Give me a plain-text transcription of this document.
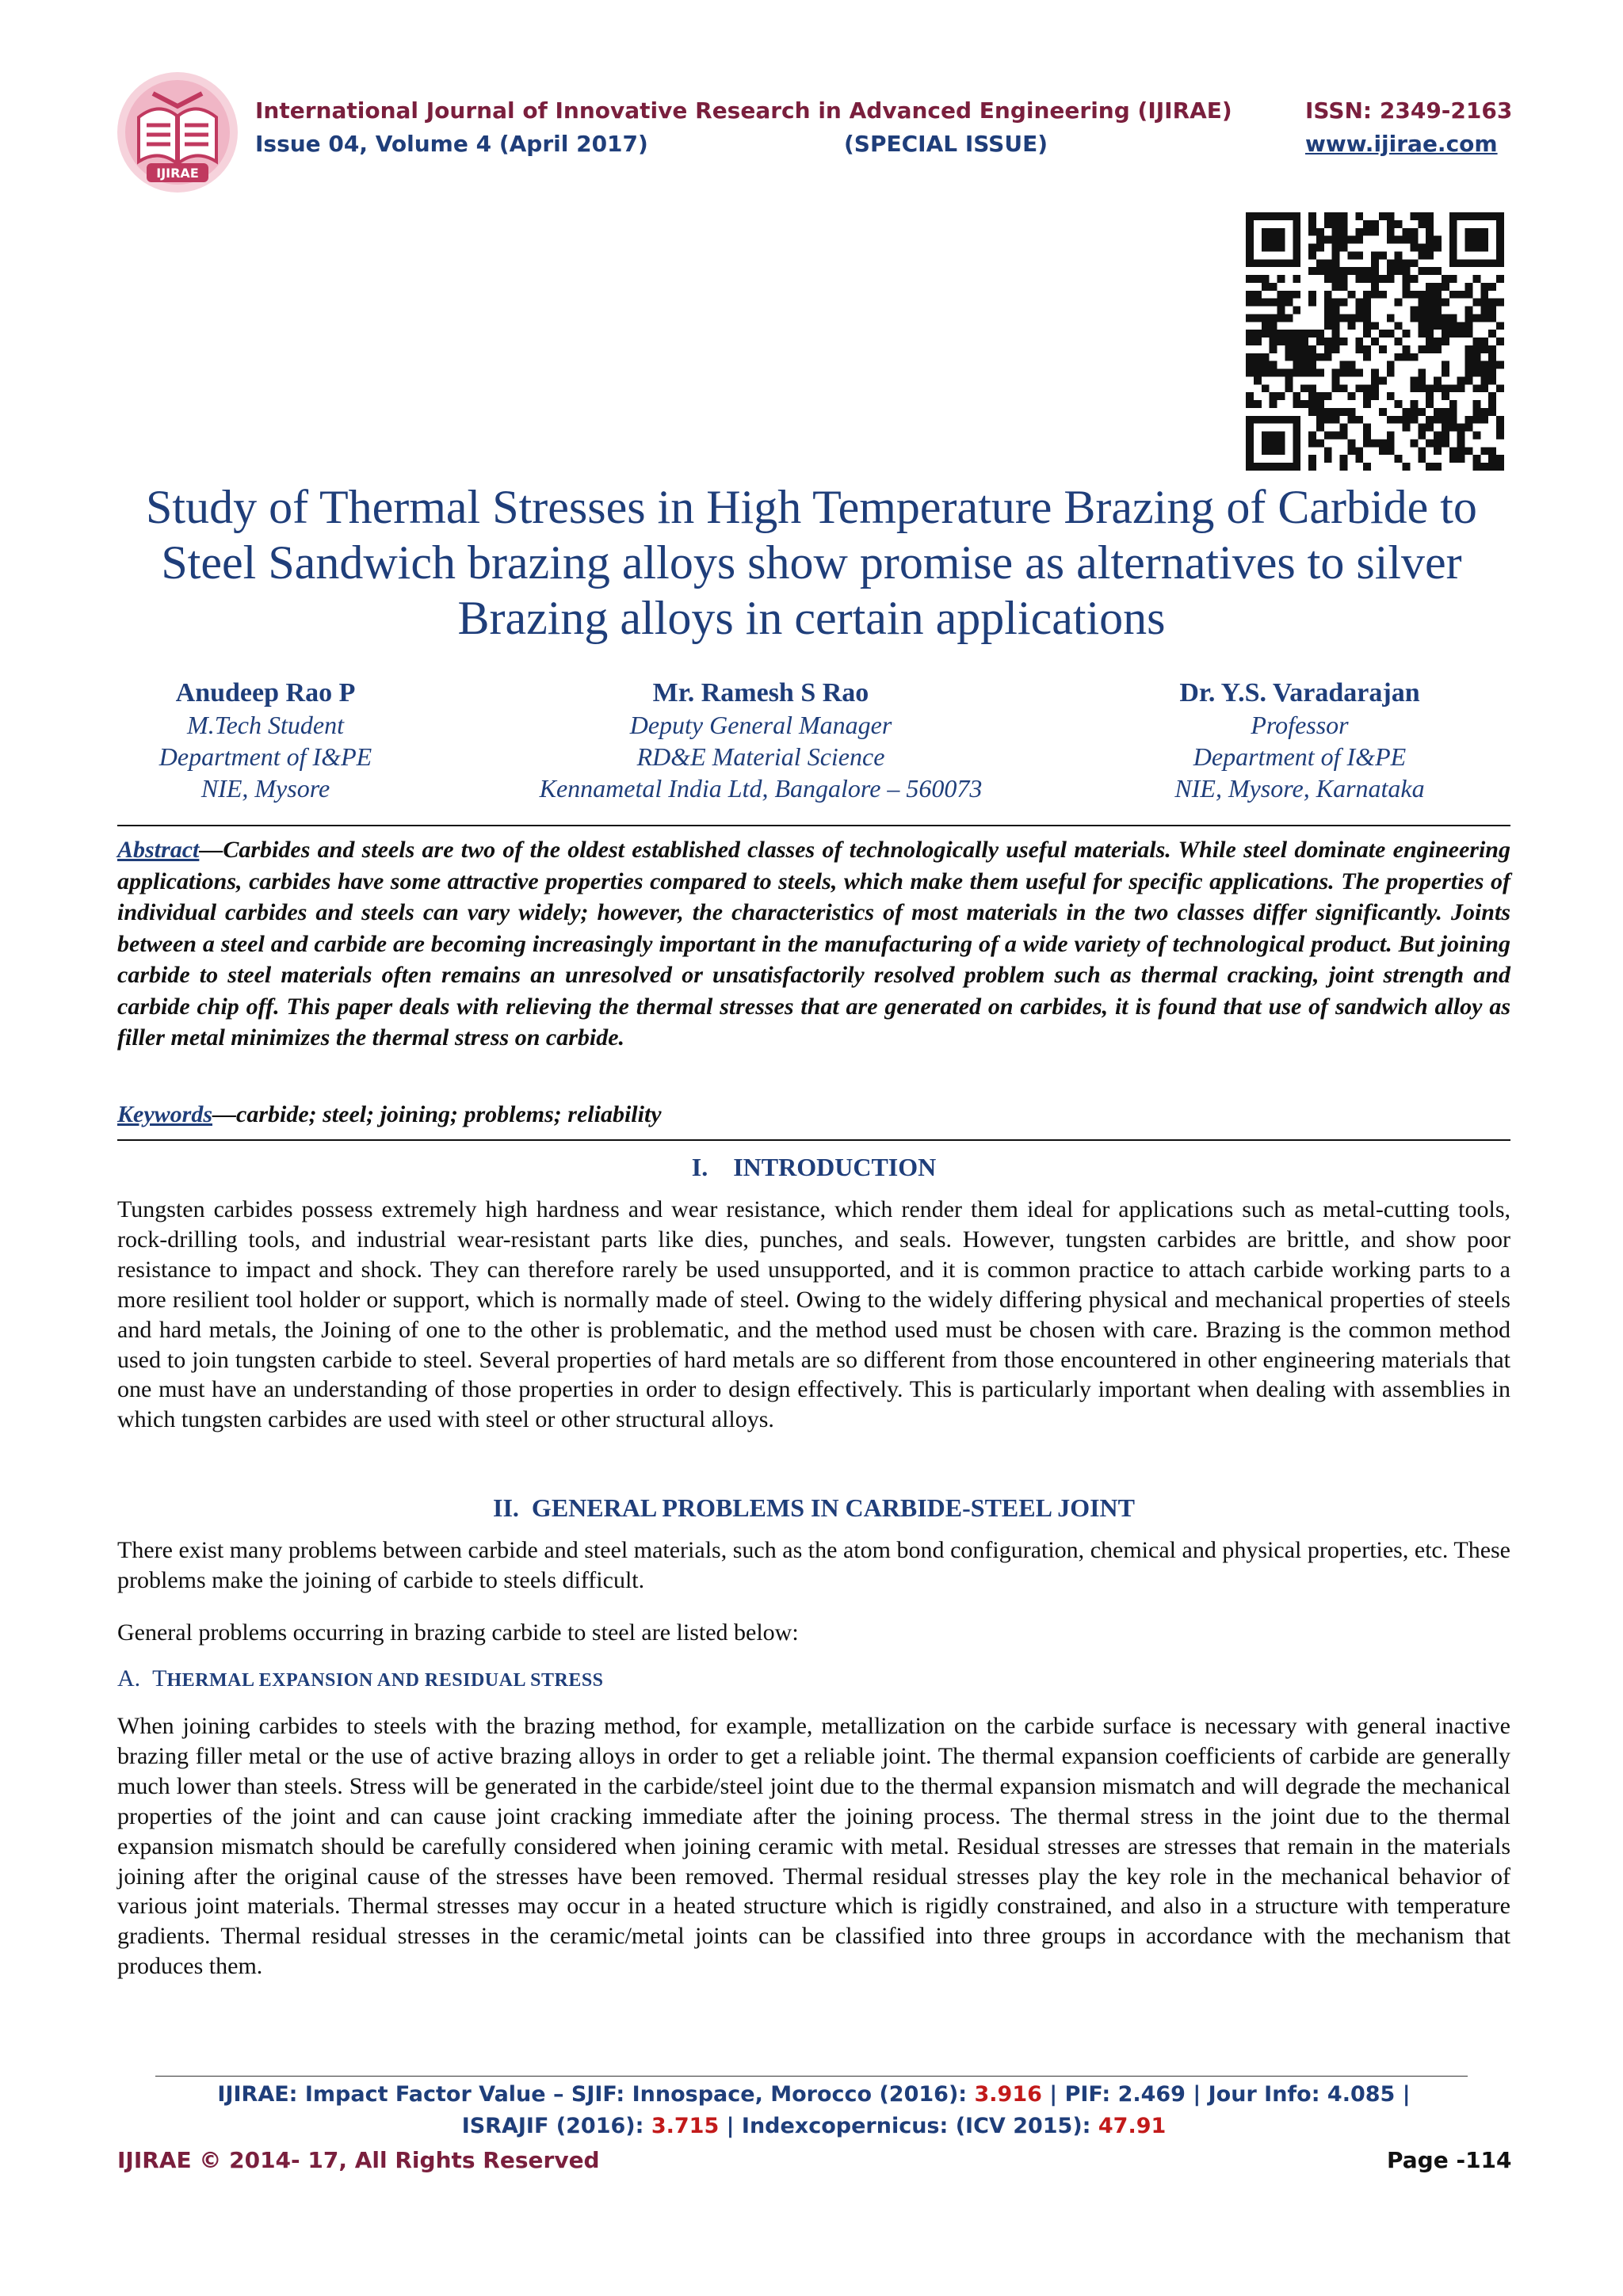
IJIRAE
International Journal of Innovative Research in Advanced Engineering (IJIRAE)	ISSN: 2349-2163
Issue 04, Volume 4 (April 2017)	(SPECIAL ISSUE)	www.ijirae.com
Study of Thermal Stresses in High Temperature Brazing of Carbide to Steel Sandwich brazing alloys show promise as alternatives to silver Brazing alloys in certain applications
Anudeep Rao P
M.Tech Student
Department of I&PE
NIE, Mysore
Mr. Ramesh S Rao
Deputy General Manager
RD&E Material Science
Kennametal India Ltd, Bangalore – 560073
Dr. Y.S. Varadarajan
Professor
Department of I&PE
NIE, Mysore, Karnataka
Abstract—Carbides and steels are two of the oldest established classes of technologically useful materials. While steel dominate engineering applications, carbides have some attractive properties compared to steels, which make them useful for specific applications. The properties of individual carbides and steels can vary widely; however, the characteristics of most materials in the two classes differ significantly. Joints between a steel and carbide are becoming increasingly important in the manufacturing of a wide variety of technological product. But joining carbide to steel materials often remains an unresolved or unsatisfactorily resolved problem such as thermal cracking, joint strength and carbide chip off. This paper deals with relieving the thermal stresses that are generated on carbides, it is found that use of sandwich alloy as filler metal minimizes the thermal stress on carbide.
Keywords—carbide; steel; joining; problems; reliability
I.    INTRODUCTION
Tungsten carbides possess extremely high hardness and wear resistance, which render them ideal for applications such as metal-cutting tools, rock-drilling tools, and industrial wear-resistant parts like dies, punches, and seals. However, tungsten carbides are brittle, and show poor resistance to impact and shock. They can therefore rarely be used unsupported, and it is common practice to attach carbide working parts to a more resilient tool holder or support, which is normally made of steel. Owing to the widely differing physical and mechanical properties of steels and hard metals, the Joining of one to the other is problematic, and the method used must be chosen with care. Brazing is the common method used to join tungsten carbide to steel. Several properties of hard metals are so different from those encountered in other engineering materials that one must have an understanding of those properties in order to design effectively. This is particularly important when dealing with assemblies in which tungsten carbides are used with steel or other structural alloys.
II.  GENERAL PROBLEMS IN CARBIDE-STEEL JOINT
There exist many problems between carbide and steel materials, such as the atom bond configuration, chemical and physical properties, etc. These problems make the joining of carbide to steels difficult.
General problems occurring in brazing carbide to steel are listed below:
A.  THERMAL EXPANSION AND RESIDUAL STRESS
When joining carbides to steels with the brazing method, for example, metallization on the carbide surface is necessary with general inactive brazing filler metal or the use of active brazing alloys in order to get a reliable joint. The thermal expansion coefficients of carbide are generally much lower than steels. Stress will be generated in the carbide/steel joint due to the thermal expansion mismatch and will degrade the mechanical properties of the joint and can cause joint cracking immediate after the joining process. The thermal stress in the joint due to the thermal expansion mismatch should be carefully considered when joining ceramic with metal. Residual stresses are stresses that remain in the materials joining after the original cause of the stresses have been removed. Thermal residual stresses play the key role in the mechanical behavior of various joint materials. Thermal stresses may occur in a heated structure which is rigidly constrained, and also in a structure with temperature gradients. Thermal residual stresses in the ceramic/metal joints can be classified into three groups in accordance with the mechanism that produces them.
IJIRAE: Impact Factor Value – SJIF: Innospace, Morocco (2016): 3.916 | PIF: 2.469 | Jour Info: 4.085 |
ISRAJIF (2016): 3.715 | Indexcopernicus: (ICV 2015): 47.91
IJIRAE © 2014- 17, All Rights Reserved	Page -114
